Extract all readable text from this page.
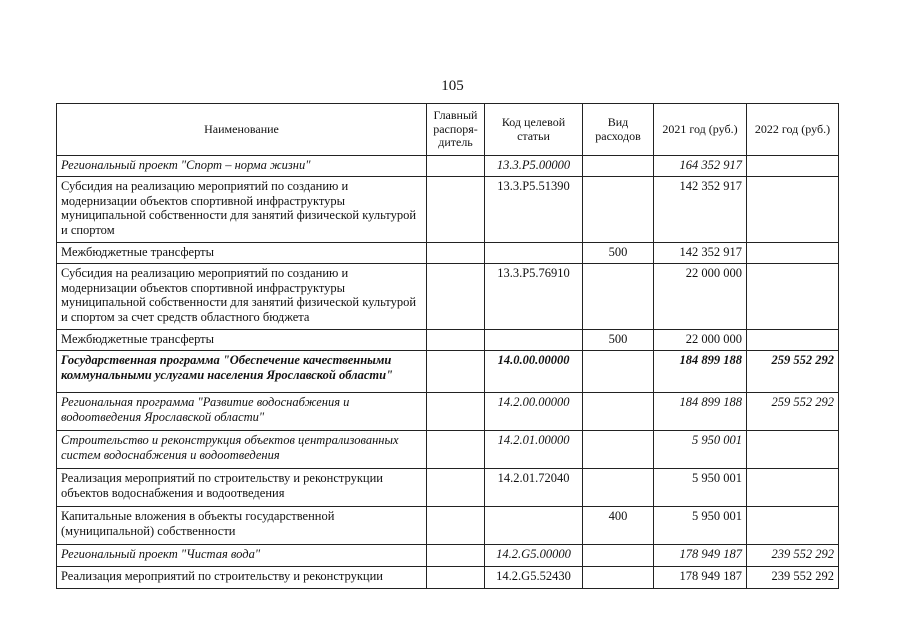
105
Наименование	Главный распоря-дитель	Код целевой статьи	Вид расходов	2021 год (руб.)	2022 год (руб.)
Региональный проект "Спорт – норма жизни"		13.3.P5.00000		164 352 917	
Субсидия на реализацию мероприятий по созданию и модернизации объектов спортивной инфраструктуры муниципальной собственности для занятий физической культурой и спортом		13.3.P5.51390		142 352 917	
Межбюджетные трансферты			500	142 352 917	
Субсидия на реализацию мероприятий по созданию и модернизации объектов спортивной инфраструктуры муниципальной собственности для занятий физической культурой и спортом за счет средств областного бюджета		13.3.P5.76910		22 000 000	
Межбюджетные трансферты			500	22 000 000	
Государственная программа "Обеспечение качественными коммунальными услугами населения Ярославской области"		14.0.00.00000		184 899 188	259 552 292
Региональная программа "Развитие водоснабжения и водоотведения Ярославской области"		14.2.00.00000		184 899 188	259 552 292
Строительство и реконструкция объектов централизованных систем водоснабжения и водоотведения		14.2.01.00000		5 950 001	
Реализация мероприятий по строительству и реконструкции объектов водоснабжения и водоотведения		14.2.01.72040		5 950 001	
Капитальные вложения в объекты государственной (муниципальной) собственности			400	5 950 001	
Региональный проект "Чистая вода"		14.2.G5.00000		178 949 187	239 552 292
Реализация мероприятий по строительству и реконструкции		14.2.G5.52430		178 949 187	239 552 292
